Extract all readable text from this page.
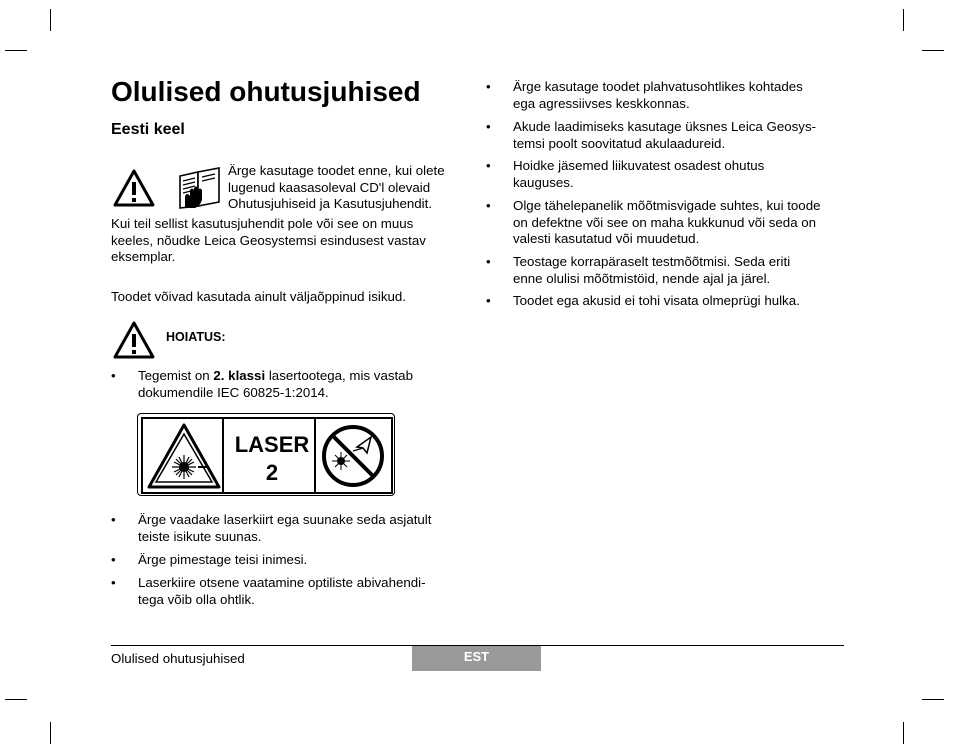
Olulised ohutusjuhised
Eesti keel
Ärge kasutage toodet enne, kui olete
lugenud kaasasoleval CD'l olevaid
Ohutusjuhiseid ja Kasutusjuhendit.
Kui teil sellist kasutusjuhendit pole või see on muus
keeles, nõudke Leica Geosystemsi esindusest vastav
eksemplar.
Toodet võivad kasutada ainult väljaõppinud isikud.
HOIATUS:
• Tegemist on 2. klassi lasertootega, mis vastab
dokumendile IEC 60825-1:2014.
LASER
2
• Ärge vaadake laserkiirt ega suunake seda asjatult
teiste isikute suunas.
• Ärge pimestage teisi inimesi.
• Laserkiire otsene vaatamine optiliste abivahendi-
tega võib olla ohtlik.
• Ärge kasutage toodet plahvatusohtlikes kohtades
ega agressiivses keskkonnas.
• Akude laadimiseks kasutage üksnes Leica Geosys-
temsi poolt soovitatud akulaadureid.
• Hoidke jäsemed liikuvatest osadest ohutus
kauguses.
• Olge tähelepanelik mõõtmisvigade suhtes, kui toode
on defektne või see on maha kukkunud või seda on
valesti kasutatud või muudetud.
• Teostage korrapäraselt testmõõtmisi. Seda eriti
enne olulisi mõõtmistöid, nende ajal ja järel.
• Toodet ega akusid ei tohi visata olmeprügi hulka.
Olulised ohutusjuhised	EST
